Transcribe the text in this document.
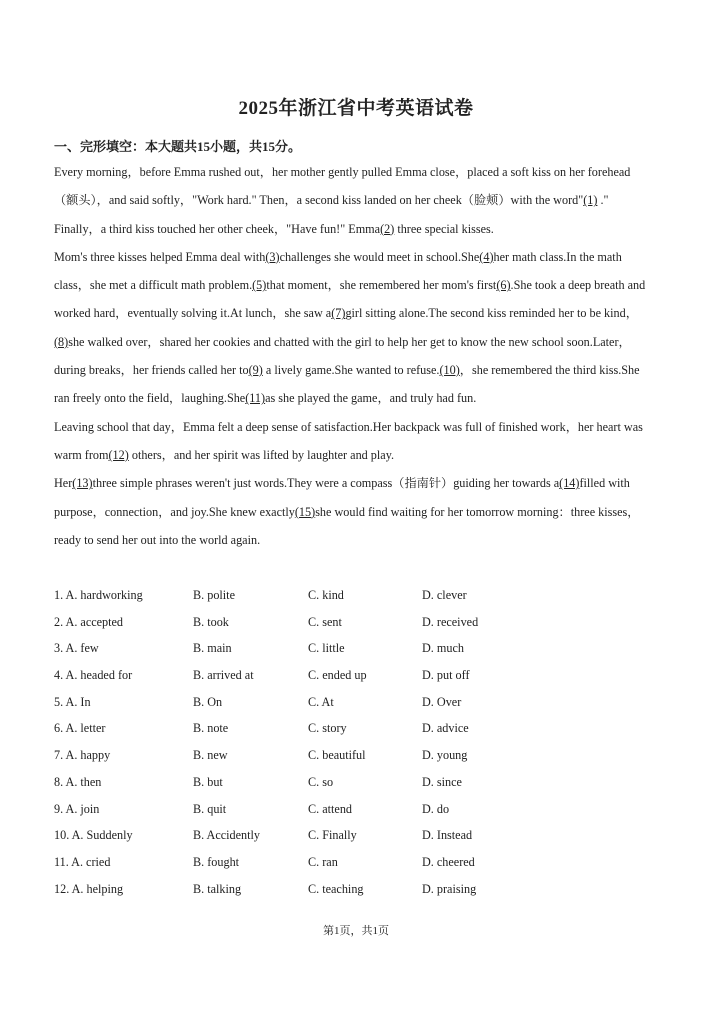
2025年浙江省中考英语试卷
一、完形填空：本大题共15小题，共15分。

Every morning，before Emma rushed out，her mother gently pulled Emma close，placed a soft kiss on her forehead（额头），and said softly，"Work hard." Then，a second kiss landed on her cheek（脸颊）with the word"(1) ." Finally，a third kiss touched her other cheek，"Have fun!" Emma(2) three special kisses.

Mom's three kisses helped Emma deal with(3)challenges she would meet in school.She(4)her math class.In the math class，she met a difficult math problem.(5)that moment，she remembered her mom's first(6).She took a deep breath and worked hard，eventually solving it.At lunch，she saw a(7)girl sitting alone.The second kiss reminded her to be kind，(8)she walked over，shared her cookies and chatted with the girl to help her get to know the new school soon.Later，during breaks，her friends called her to(9) a lively game.She wanted to refuse.(10)，she remembered the third kiss.She ran freely onto the field，laughing.She(11)as she played the game，and truly had fun.

Leaving school that day，Emma felt a deep sense of satisfaction.Her backpack was full of finished work，her heart was warm from(12) others，and her spirit was lifted by laughter and play.

Her(13)three simple phrases weren't just words.They were a compass（指南针）guiding her towards a(14)filled with purpose，connection，and joy.She knew exactly(15)she would find waiting for her tomorrow morning：three kisses，ready to send her out into the world again.

1. A. hardworking	B. polite	C. kind	D. clever
2. A. accepted	B. took	C. sent	D. received
3. A. few	B. main	C. little	D. much
4. A. headed for	B. arrived at	C. ended up	D. put off
5. A. In	B. On	C. At	D. Over
6. A. letter	B. note	C. story	D. advice
7. A. happy	B. new	C. beautiful	D. young
8. A. then	B. but	C. so	D. since
9. A. join	B. quit	C. attend	D. do
10. A. Suddenly	B. Accidently	C. Finally	D. Instead
11. A. cried	B. fought	C. ran	D. cheered
12. A. helping	B. talking	C. teaching	D. praising
第1页，共1页
